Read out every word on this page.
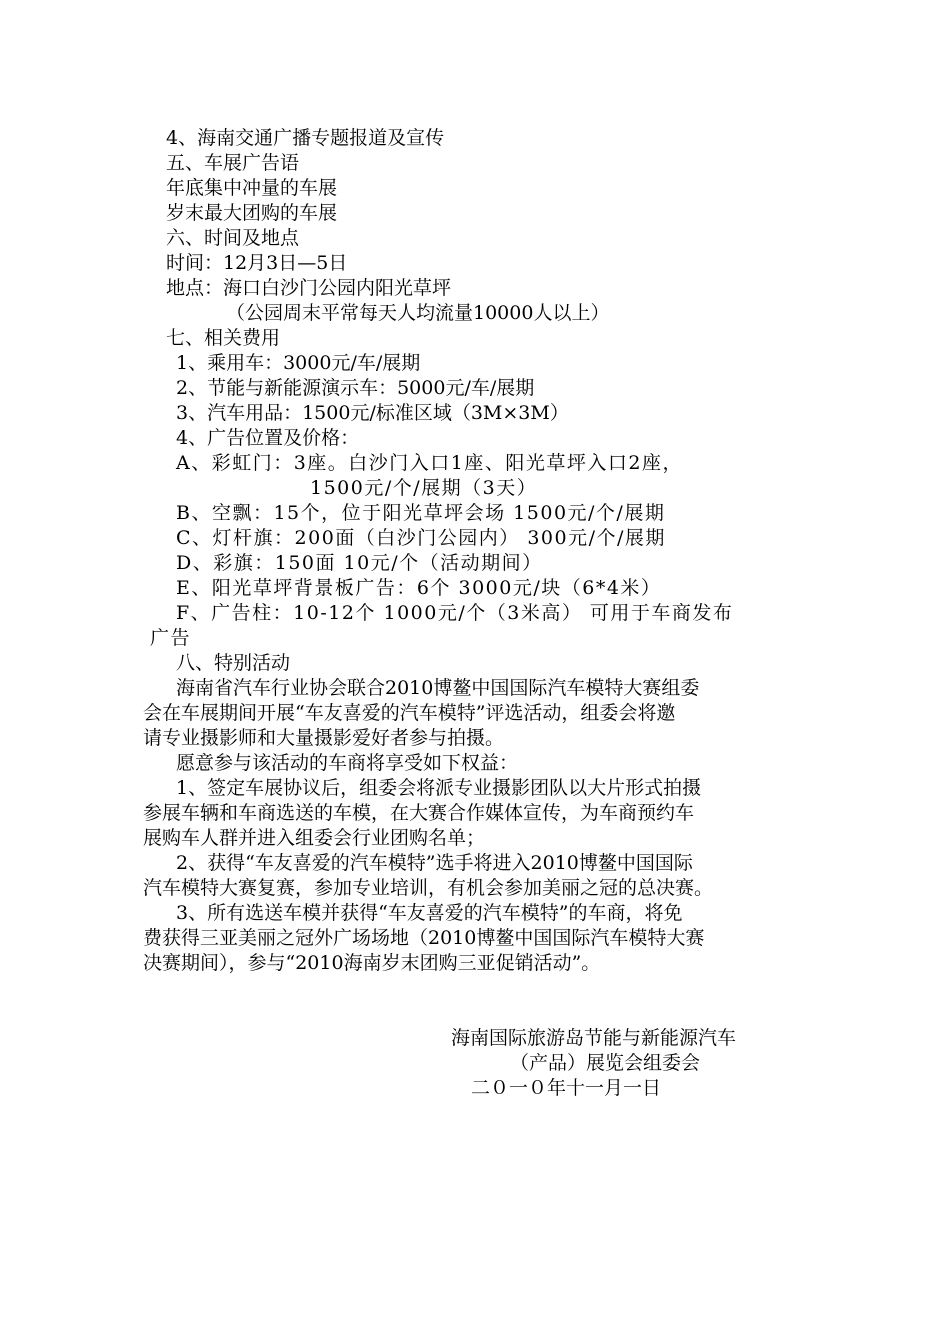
4、海南交通广播专题报道及宣传
五、车展广告语
年底集中冲量的车展
岁末最大团购的车展
六、时间及地点
时间：12月3日—5日
地点：海口白沙门公园内阳光草坪
（公园周末平常每天人均流量10000人以上）
七、相关费用
1、乘用车：3000元/车/展期
2、节能与新能源演示车：5000元/车/展期
3、汽车用品：1500元/标准区域（3M×3M）
4、广告位置及价格：
A、彩虹门：3座。白沙门入口1座、阳光草坪入口2座，
1500元/个/展期（3天）
B、空飘：15个，位于阳光草坪会场 1500元/个/展期
C、灯杆旗：200面（白沙门公园内） 300元/个/展期
D、彩旗：150面 10元/个（活动期间）
E、阳光草坪背景板广告：6个 3000元/块（6*4米）
F、广告柱：10-12个 1000元/个（3米高） 可用于车商发布
广告
八、特别活动
海南省汽车行业协会联合2010博鳌中国国际汽车模特大赛组委
会在车展期间开展“车友喜爱的汽车模特”评选活动，组委会将邀
请专业摄影师和大量摄影爱好者参与拍摄。
愿意参与该活动的车商将享受如下权益：
1、签定车展协议后，组委会将派专业摄影团队以大片形式拍摄
参展车辆和车商选送的车模，在大赛合作媒体宣传，为车商预约车
展购车人群并进入组委会行业团购名单；
2、获得“车友喜爱的汽车模特”选手将进入2010博鳌中国国际
汽车模特大赛复赛，参加专业培训，有机会参加美丽之冠的总决赛。
3、所有选送车模并获得“车友喜爱的汽车模特”的车商，将免
费获得三亚美丽之冠外广场场地（2010博鳌中国国际汽车模特大赛
决赛期间），参与“2010海南岁末团购三亚促销活动”。
海南国际旅游岛节能与新能源汽车
（产品）展览会组委会
二０一０年十一月一日
